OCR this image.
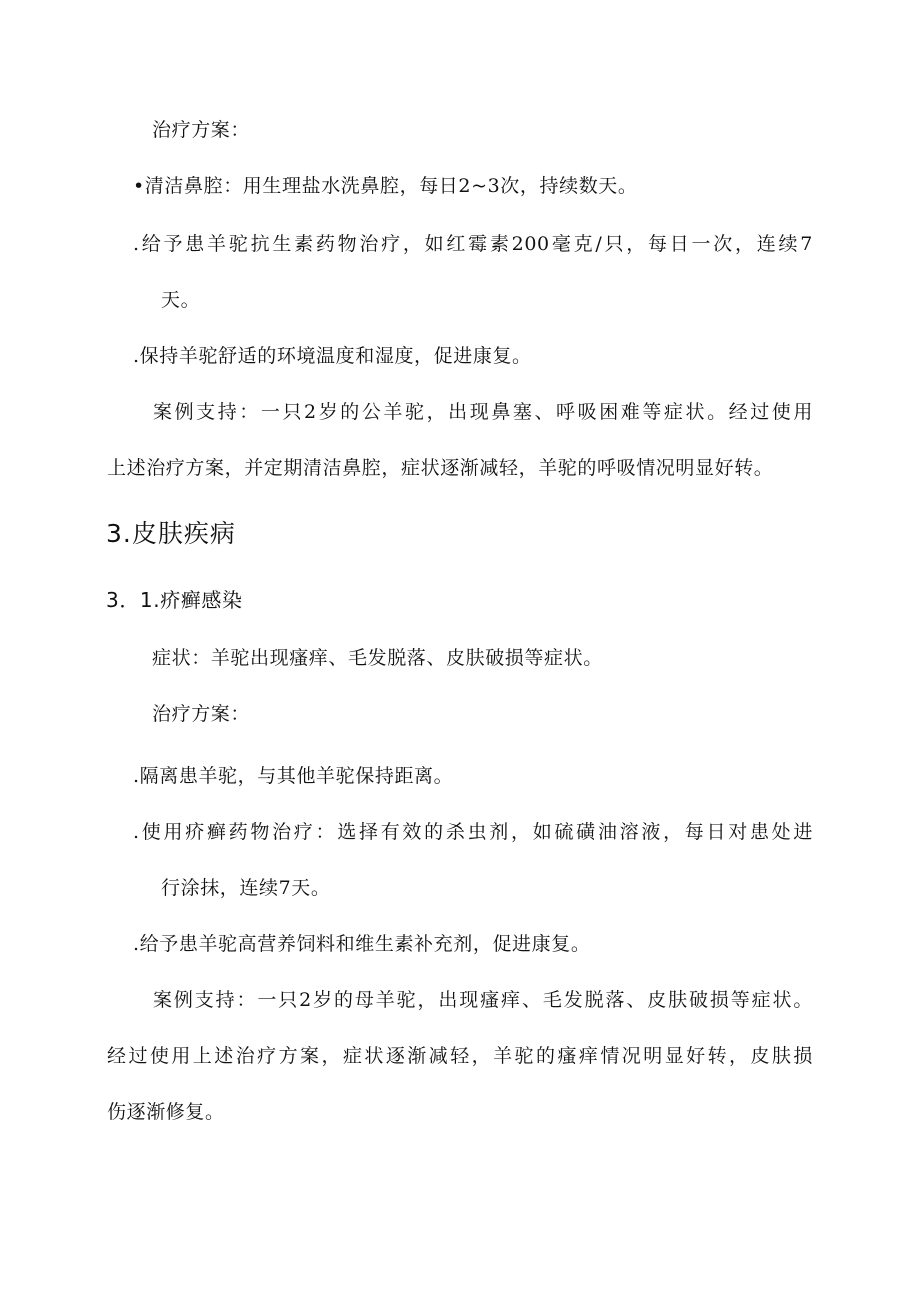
治疗方案：
•清洁鼻腔：用生理盐水洗鼻腔，每日2~3次，持续数天。
.给予患羊驼抗生素药物治疗，如红霉素200毫克/只，每日一次，连续7
天。
.保持羊驼舒适的环境温度和湿度，促进康复。
案例支持：一只2岁的公羊驼，出现鼻塞、呼吸困难等症状。经过使用
上述治疗方案，并定期清洁鼻腔，症状逐渐减轻，羊驼的呼吸情况明显好转。
3.皮肤疾病
3．1.疥癣感染
症状：羊驼出现瘙痒、毛发脱落、皮肤破损等症状。
治疗方案：
.隔离患羊驼，与其他羊驼保持距离。
.使用疥癣药物治疗：选择有效的杀虫剂，如硫磺油溶液，每日对患处进
行涂抹，连续7天。
.给予患羊驼高营养饲料和维生素补充剂，促进康复。
案例支持：一只2岁的母羊驼，出现瘙痒、毛发脱落、皮肤破损等症状。
经过使用上述治疗方案，症状逐渐减轻，羊驼的瘙痒情况明显好转，皮肤损
伤逐渐修复。
